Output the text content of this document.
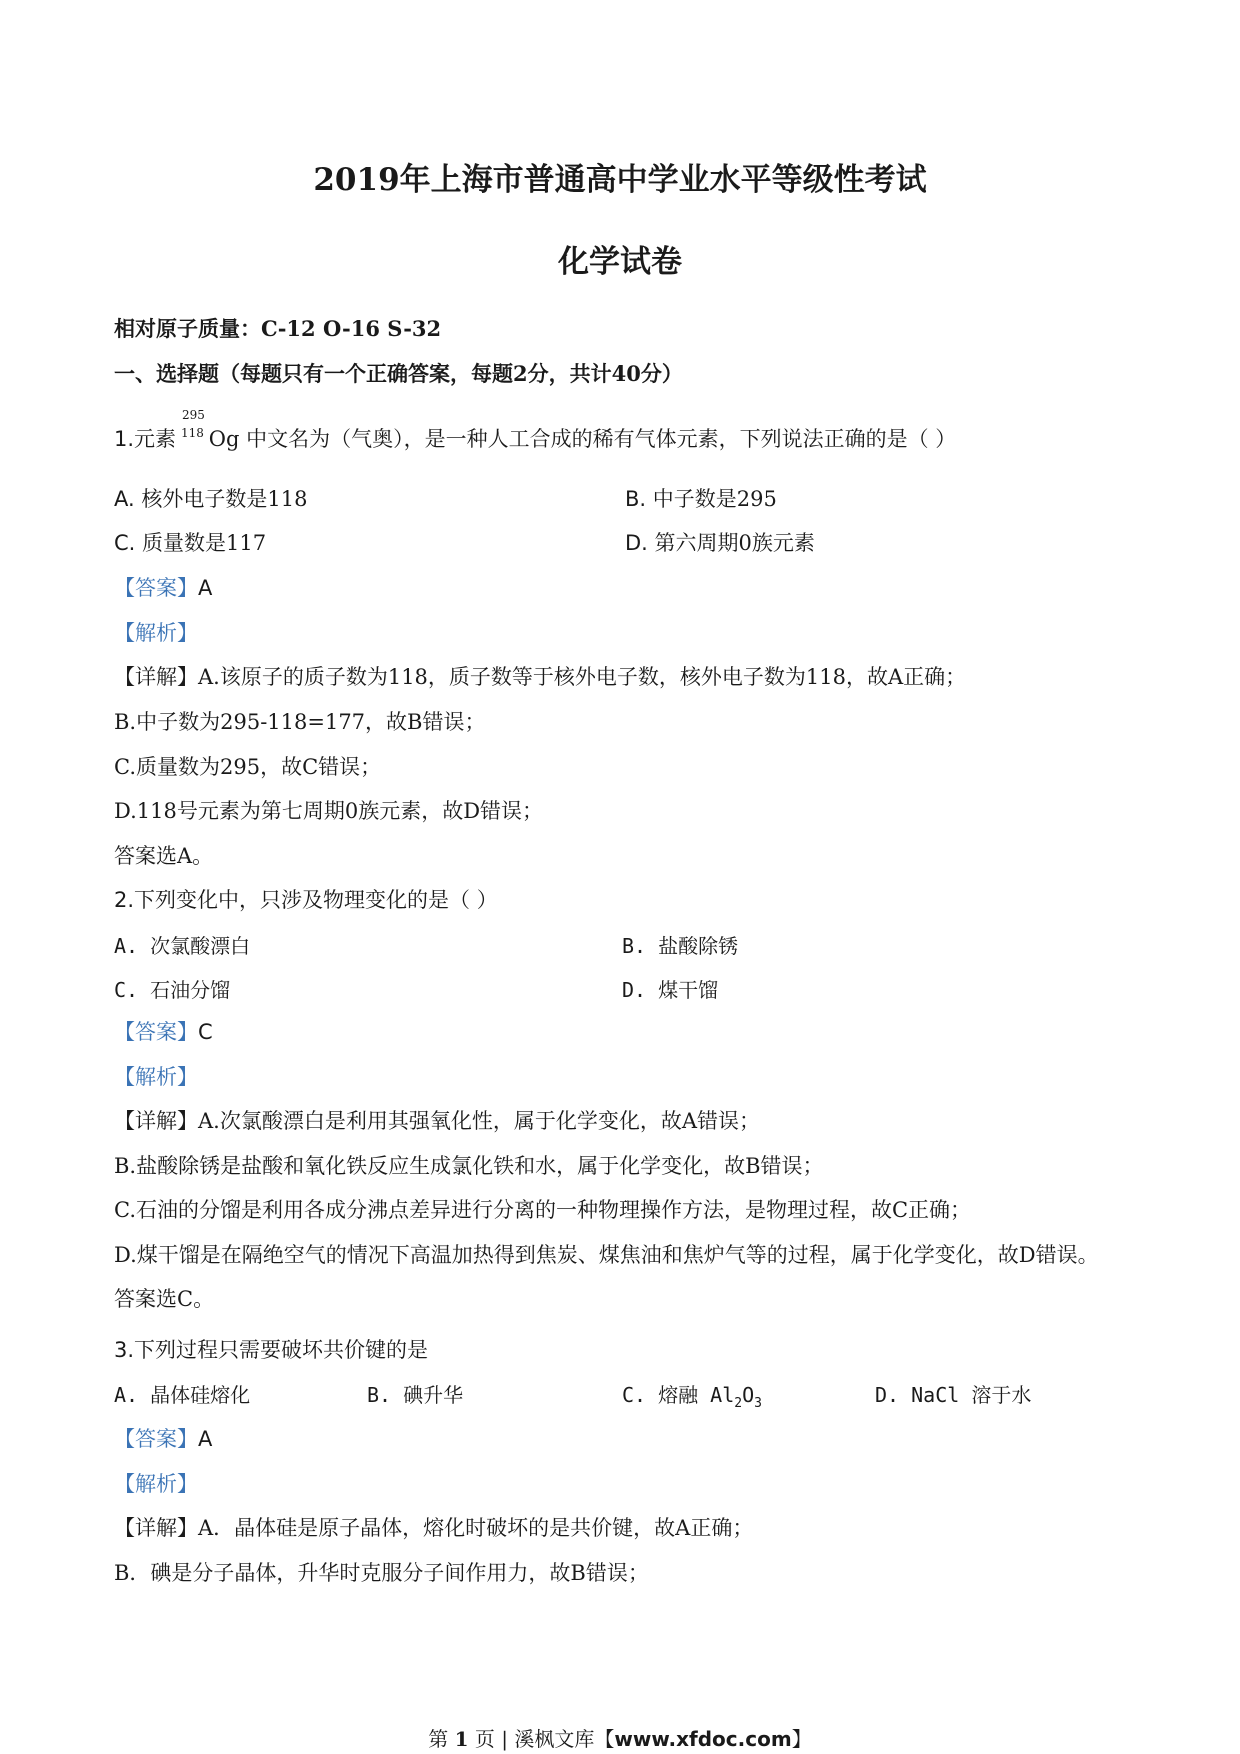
2019年上海市普通高中学业水平等级性考试
化学试卷
相对原子质量：C-12 O-16 S-32
一、选择题（每题只有一个正确答案，每题2分，共计40分）
1.元素 Og 中文名为（气奥），是一种人工合成的稀有气体元素，下列说法正确的是（ ）
295
118
A. 核外电子数是118	B. 中子数是295
C. 质量数是117	D. 第六周期0族元素
【答案】A
【解析】
【详解】A.该原子的质子数为118，质子数等于核外电子数，核外电子数为118，故A正确；
B.中子数为295-118=177，故B错误；
C.质量数为295，故C错误；
D.118号元素为第七周期0族元素，故D错误；
答案选A。
2.下列变化中，只涉及物理变化的是（ ）
A. 次氯酸漂白	B. 盐酸除锈
C. 石油分馏	D. 煤干馏
【答案】C
【解析】
【详解】A.次氯酸漂白是利用其强氧化性，属于化学变化，故A错误；
B.盐酸除锈是盐酸和氧化铁反应生成氯化铁和水，属于化学变化，故B错误；
C.石油的分馏是利用各成分沸点差异进行分离的一种物理操作方法，是物理过程，故C正确；
D.煤干馏是在隔绝空气的情况下高温加热得到焦炭、煤焦油和焦炉气等的过程，属于化学变化，故D错误。
答案选C。
3.下列过程只需要破坏共价键的是
A. 晶体硅熔化	B. 碘升华	C. 熔融 $Al_2O_3$	D. NaCl 溶于水
【答案】A
【解析】
【详解】A．晶体硅是原子晶体，熔化时破坏的是共价键，故A正确；
B．碘是分子晶体，升华时克服分子间作用力，故B错误；
第 1 页 | 溪枫文库【www.xfdoc.com】
